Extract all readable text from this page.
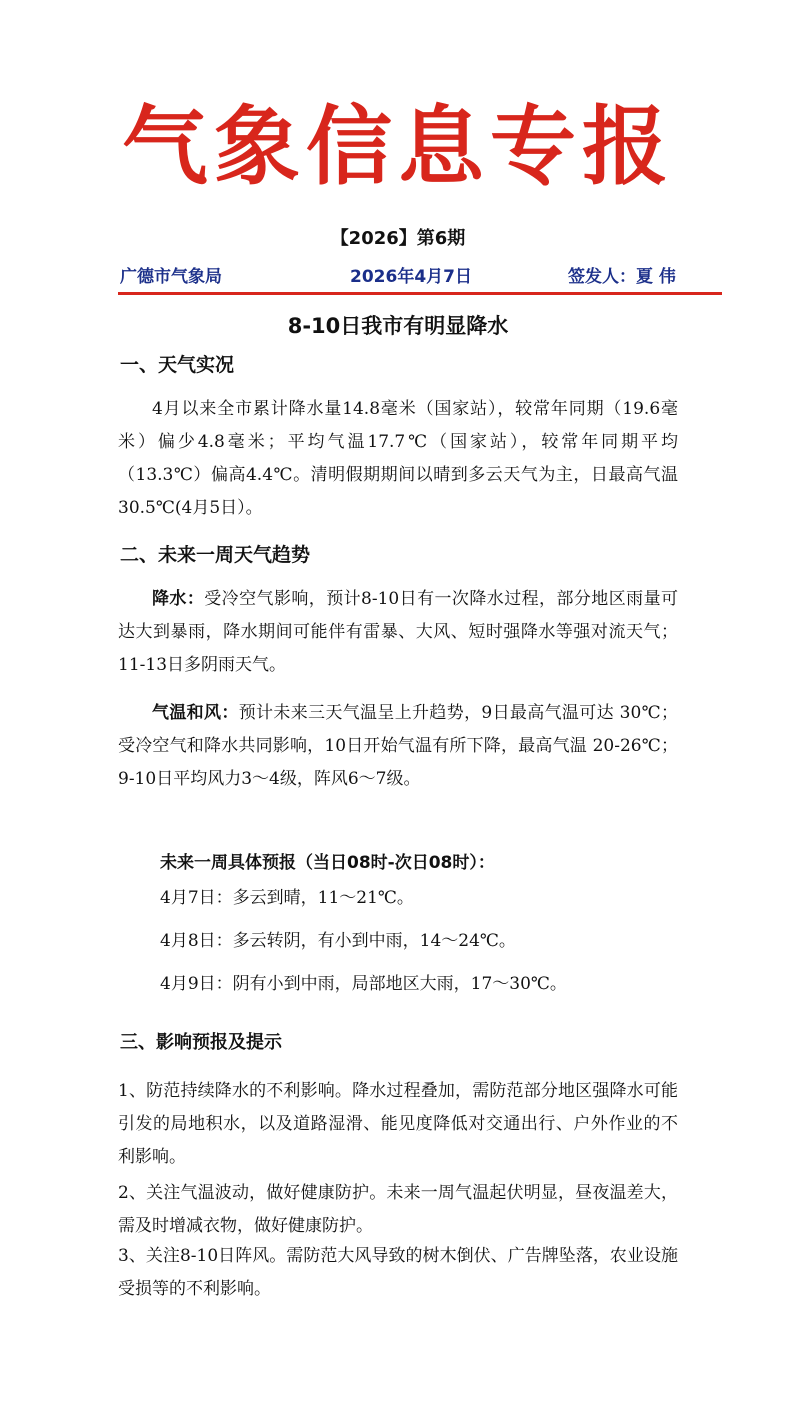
气象信息专报
【2026】第6期
广德市气象局	2026年4月7日	签发人：夏 伟
8-10日我市有明显降水
一、天气实况
4月以来全市累计降水量14.8毫米（国家站），较常年同期（19.6毫米）偏少4.8毫米；平均气温17.7℃（国家站），较常年同期平均（13.3℃）偏高4.4℃。清明假期期间以晴到多云天气为主，日最高气温30.5℃(4月5日）。
二、未来一周天气趋势
降水：受冷空气影响，预计8-10日有一次降水过程，部分地区雨量可达大到暴雨，降水期间可能伴有雷暴、大风、短时强降水等强对流天气；11-13日多阴雨天气。
气温和风：预计未来三天气温呈上升趋势，9日最高气温可达 30℃；受冷空气和降水共同影响，10日开始气温有所下降，最高气温 20-26℃；9-10日平均风力3～4级，阵风6～7级。
未来一周具体预报（当日08时-次日08时）：
4月7日：多云到晴，11～21℃。
4月8日：多云转阴，有小到中雨，14～24℃。
4月9日：阴有小到中雨，局部地区大雨，17～30℃。
三、影响预报及提示
1、防范持续降水的不利影响。降水过程叠加，需防范部分地区强降水可能引发的局地积水，以及道路湿滑、能见度降低对交通出行、户外作业的不利影响。
2、关注气温波动，做好健康防护。未来一周气温起伏明显，昼夜温差大，需及时增减衣物，做好健康防护。
3、关注8-10日阵风。需防范大风导致的树木倒伏、广告牌坠落，农业设施受损等的不利影响。
